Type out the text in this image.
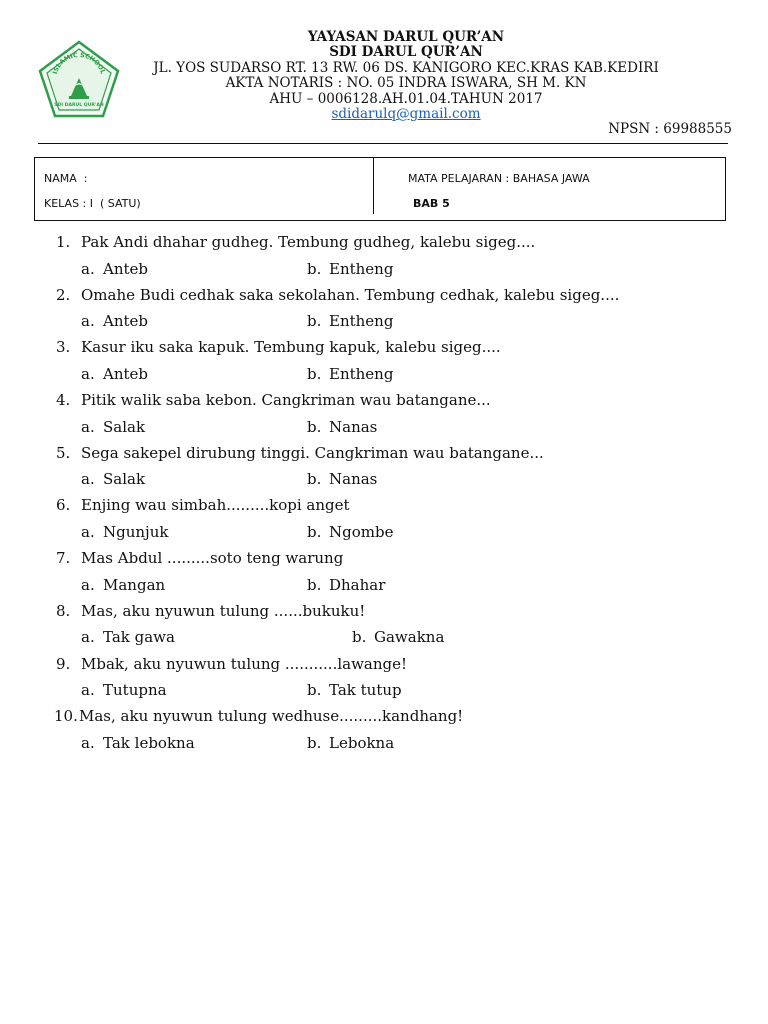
ISLAMIC SCHOOL
SDI DARUL QUR'AN
YAYASAN DARUL QUR’AN
SDI DARUL QUR’AN
JL. YOS SUDARSO RT. 13 RW. 06 DS. KANIGORO KEC.KRAS KAB.KEDIRI
AKTA NOTARIS : NO. 05 INDRA ISWARA, SH M. KN
AHU – 0006128.AH.01.04.TAHUN 2017
sdidarulq@gmail.com
NPSN : 69988555
NAMA  :
KELAS : I  ( SATU)
MATA PELAJARAN : BAHASA JAWA
BAB 5
1. Pak Andi dhahar gudheg. Tembung gudheg, kalebu sigeg....
a. Anteb	b. Entheng
2. Omahe Budi cedhak saka sekolahan. Tembung cedhak, kalebu sigeg....
a. Anteb	b. Entheng
3. Kasur iku saka kapuk. Tembung kapuk, kalebu sigeg....
a. Anteb	b. Entheng
4. Pitik walik saba kebon. Cangkriman wau batangane...
a. Salak	b. Nanas
5. Sega sakepel dirubung tinggi. Cangkriman wau batangane...
a. Salak	b. Nanas
6. Enjing wau simbah.........kopi anget
a. Ngunjuk	b. Ngombe
7. Mas Abdul .........soto teng warung
a. Mangan	b. Dhahar
8. Mas, aku nyuwun tulung ......bukuku!
a. Tak gawa	b. Gawakna
9. Mbak, aku nyuwun tulung ...........lawange!
a. Tutupna	b. Tak tutup
10.Mas, aku nyuwun tulung wedhuse.........kandhang!
a. Tak lebokna	b. Lebokna
